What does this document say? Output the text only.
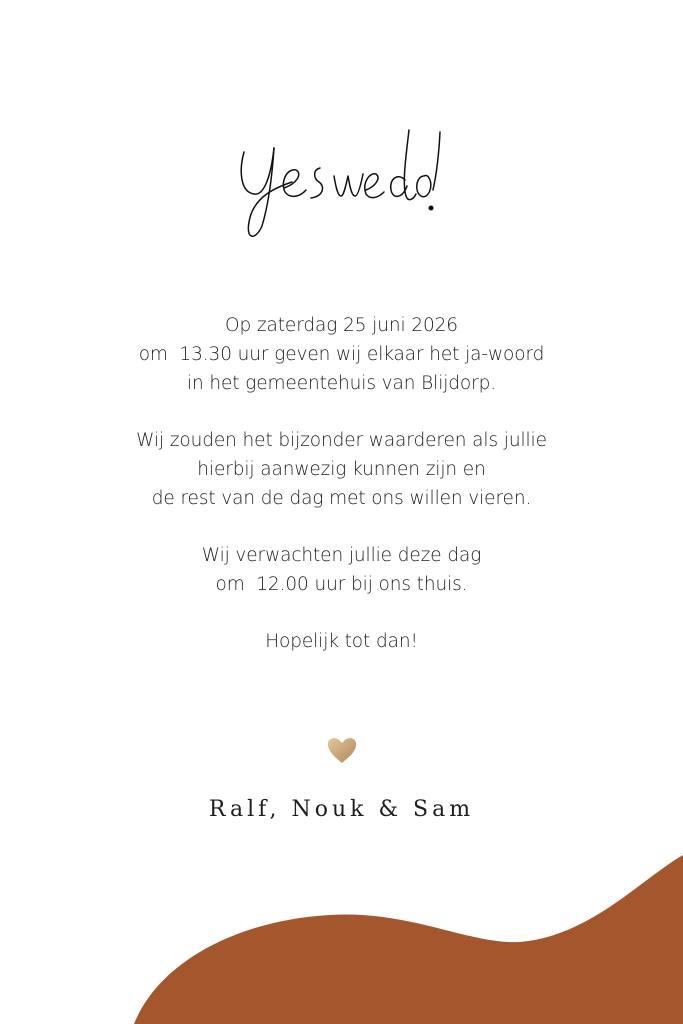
Op zaterdag 25 juni 2026
om  13.30 uur geven wij elkaar het ja-woord
in het gemeentehuis van Blijdorp.

Wij zouden het bijzonder waarderen als jullie
hierbij aanwezig kunnen zijn en
de rest van de dag met ons willen vieren.

Wij verwachten jullie deze dag
om  12.00 uur bij ons thuis.

Hopelijk tot dan!

Ralf, Nouk & Sam
